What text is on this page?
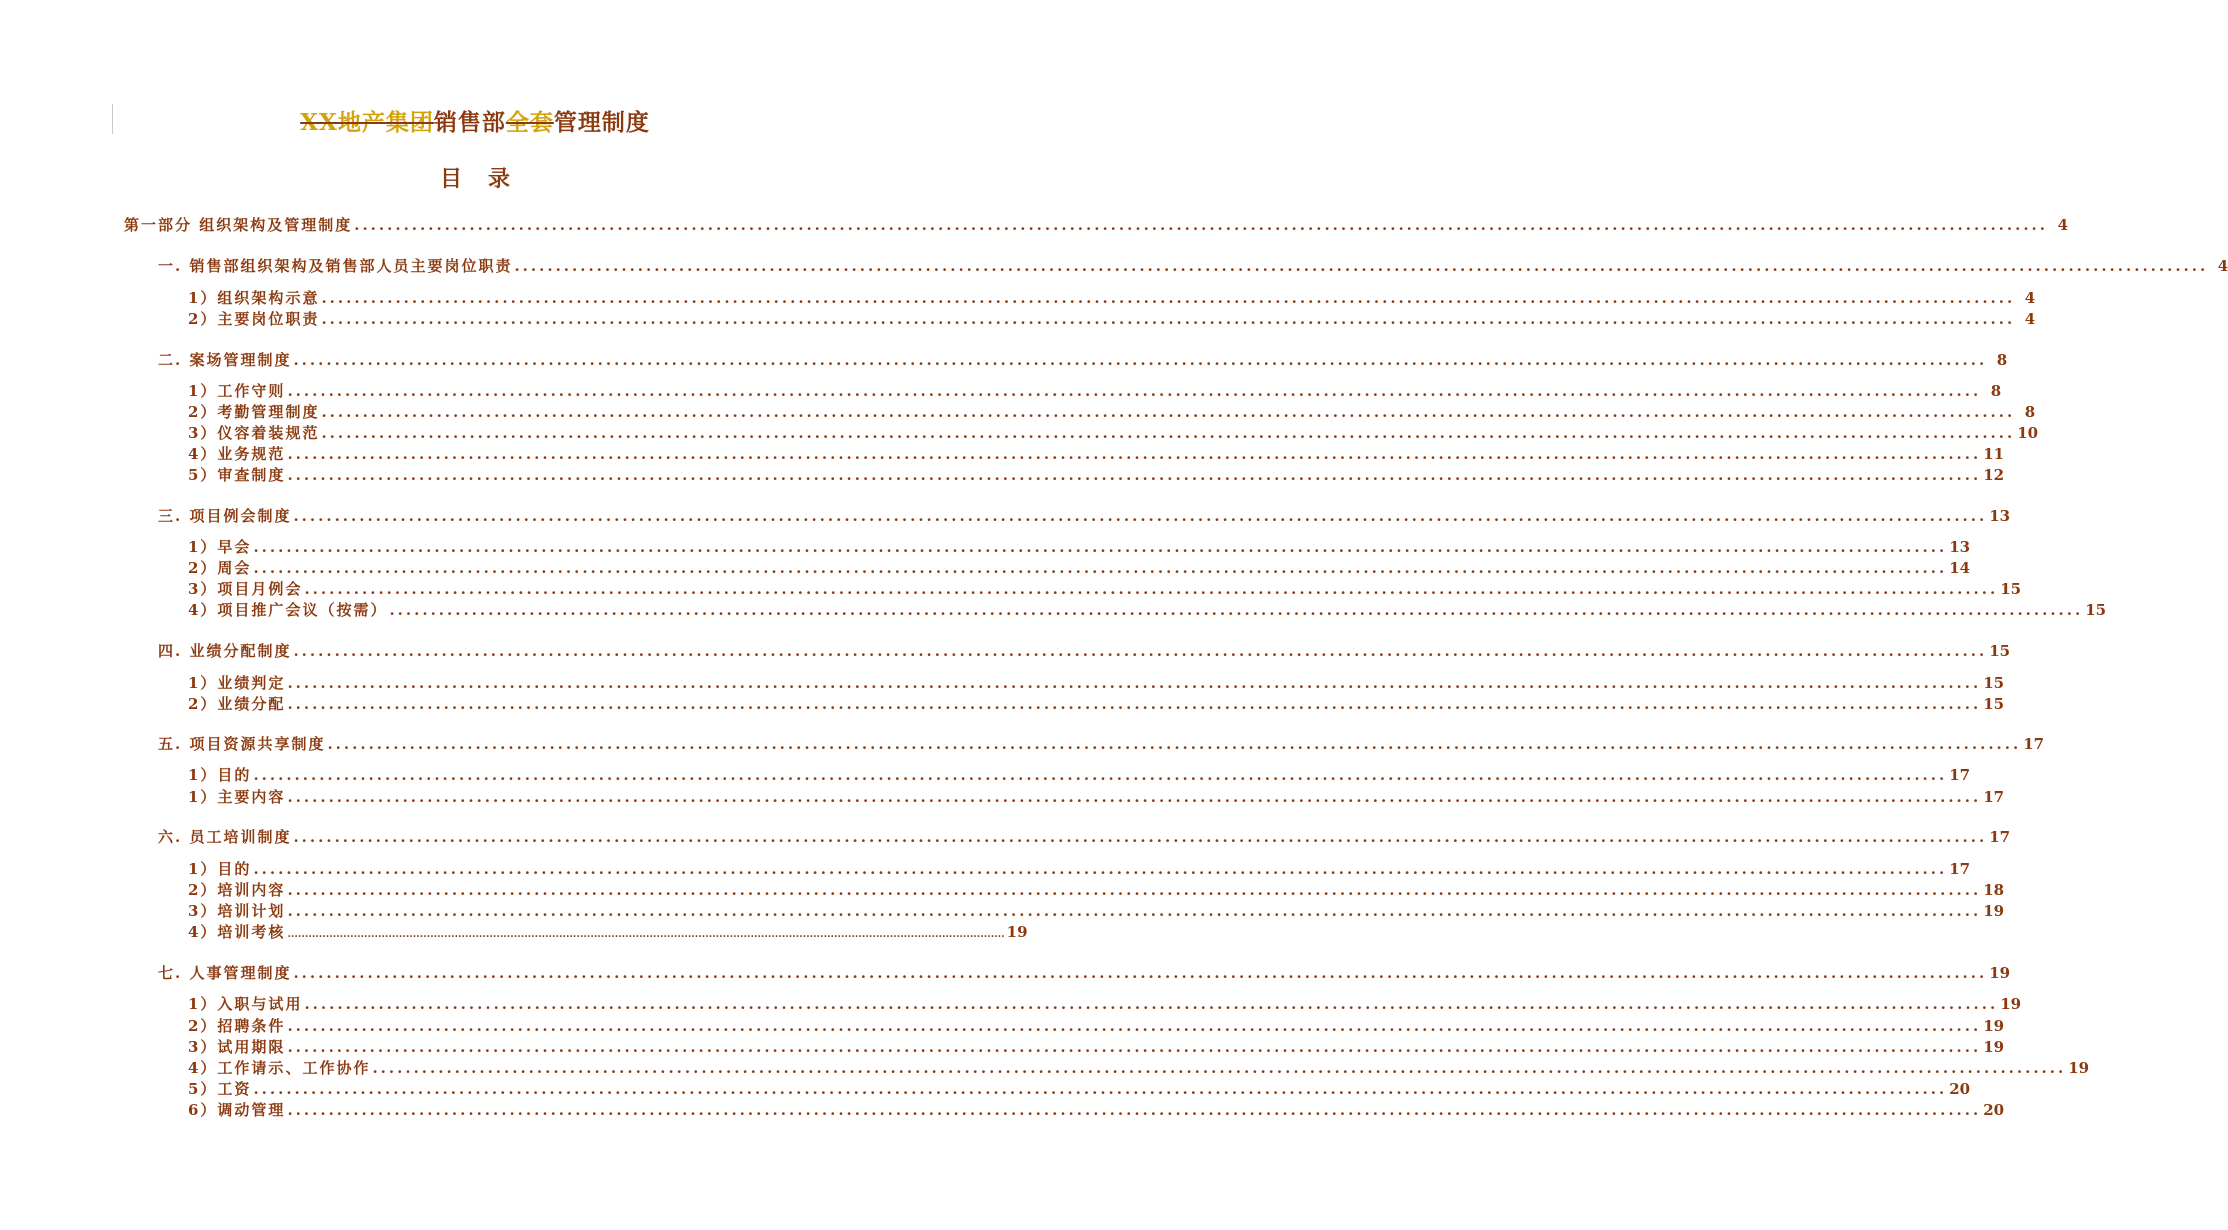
XX地产集团销售部全套管理制度
目录
第一部分 组织架构及管理制度 .............................................................................................................................................................................................................. 4
一. 销售部组织架构及销售部人员主要岗位职责 .............................................................................................................................................................................................................. 4
1）组织架构示意 .............................................................................................................................................................................................................. 4
2）主要岗位职责 .............................................................................................................................................................................................................. 4
二. 案场管理制度 .............................................................................................................................................................................................................. 8
1）工作守则 .............................................................................................................................................................................................................. 8
2）考勤管理制度 .............................................................................................................................................................................................................. 8
3）仪容着装规范 .............................................................................................................................................................................................................. 10
4）业务规范 .............................................................................................................................................................................................................. 11
5）审查制度 .............................................................................................................................................................................................................. 12
三. 项目例会制度 .............................................................................................................................................................................................................. 13
1）早会 .............................................................................................................................................................................................................. 13
2）周会 .............................................................................................................................................................................................................. 14
3）项目月例会 .............................................................................................................................................................................................................. 15
4）项目推广会议（按需） .............................................................................................................................................................................................................. 15
四. 业绩分配制度 .............................................................................................................................................................................................................. 15
1）业绩判定 .............................................................................................................................................................................................................. 15
2）业绩分配 .............................................................................................................................................................................................................. 15
五. 项目资源共享制度 .............................................................................................................................................................................................................. 17
1）目的 .............................................................................................................................................................................................................. 17
1）主要内容 .............................................................................................................................................................................................................. 17
六. 员工培训制度 .............................................................................................................................................................................................................. 17
1）目的 .............................................................................................................................................................................................................. 17
2）培训内容 .............................................................................................................................................................................................................. 18
3）培训计划 .............................................................................................................................................................................................................. 19
4）培训考核 .............................................................................................................................................................................................................. 19
七. 人事管理制度 .............................................................................................................................................................................................................. 19
1）入职与试用 .............................................................................................................................................................................................................. 19
2）招聘条件 .............................................................................................................................................................................................................. 19
3）试用期限 .............................................................................................................................................................................................................. 19
4）工作请示、工作协作 .............................................................................................................................................................................................................. 19
5）工资 .............................................................................................................................................................................................................. 20
6）调动管理 .............................................................................................................................................................................................................. 20
